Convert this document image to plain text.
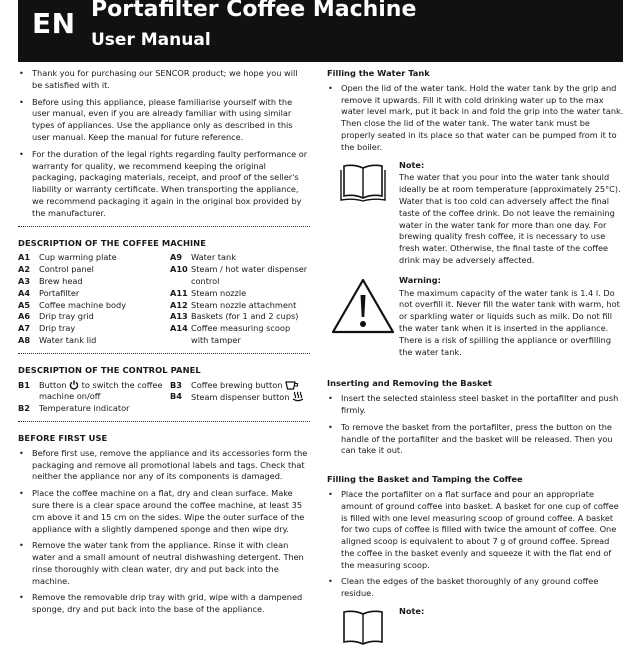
EN Portafilter Coffee Machine
User Manual
• Thank you for purchasing our SENCOR product; we hope you will be satisfied with it.
• Before using this appliance, please familiarise yourself with the user manual, even if you are already familiar with using similar types of appliances. Use the appliance only as described in this user manual. Keep the manual for future reference.
• For the duration of the legal rights regarding faulty performance or warranty for quality, we recommend keeping the original packaging, packaging materials, receipt, and proof of the seller's liability or warranty certificate. When transporting the appliance, we recommend packaging it again in the original box provided by the manufacturer.
DESCRIPTION OF THE COFFEE MACHINE
A1	Cup warming plate
A2	Control panel
A3	Brew head
A4	Portafilter
A5	Coffee machine body
A6	Drip tray grid
A7	Drip tray
A8	Water tank lid
A9	Water tank
A10 Steam / hot water dispenser control
A11 Steam nozzle
A12 Steam nozzle attachment
A13 Baskets (for 1 and 2 cups)
A14 Coffee measuring scoop with tamper
DESCRIPTION OF THE CONTROL PANEL
B1	Button to switch the coffee machine on/off
B2	Temperature indicator
B3	Coffee brewing button
B4	Steam dispenser button
BEFORE FIRST USE
• Before first use, remove the appliance and its accessories form the packaging and remove all promotional labels and tags. Check that neither the appliance nor any of its components is damaged.
• Place the coffee machine on a flat, dry and clean surface. Make sure there is a clear space around the coffee machine, at least 35 cm above it and 15 cm on the sides. Wipe the outer surface of the appliance with a slightly dampened sponge and then wipe dry.
• Remove the water tank from the appliance. Rinse it with clean water and a small amount of neutral dishwashing detergent. Then rinse thoroughly with clean water, dry and put back into the machine.
• Remove the removable drip tray with grid, wipe with a dampened sponge, dry and put back into the base of the appliance.
Filling the Water Tank
• Open the lid of the water tank. Hold the water tank by the grip and remove it upwards. Fill it with cold drinking water up to the max water level mark, put it back in and fold the grip into the water tank. Then close the lid of the water tank. The water tank must be properly seated in its place so that water can be pumped from it to the boiler.
Note:
The water that you pour into the water tank should ideally be at room temperature (approximately 25°C). Water that is too cold can adversely affect the final taste of the coffee drink. Do not leave the remaining water in the water tank for more than one day. For brewing quality fresh coffee, it is necessary to use fresh water. Otherwise, the final taste of the coffee drink may be adversely affected.
Warning:
The maximum capacity of the water tank is 1.4 l. Do not overfill it. Never fill the water tank with warm, hot or sparkling water or liquids such as milk. Do not fill the water tank when it is inserted in the appliance. There is a risk of spilling the appliance or overfilling the water tank.
Inserting and Removing the Basket
• Insert the selected stainless steel basket in the portafilter and push firmly.
• To remove the basket from the portafilter, press the button on the handle of the portafilter and the basket will be released. Then you can take it out.
Filling the Basket and Tamping the Coffee
• Place the portafilter on a flat surface and pour an appropriate amount of ground coffee into basket. A basket for one cup of coffee is filled with one level measuring scoop of ground coffee. A basket for two cups of coffee is filled with twice the amount of coffee. One aligned scoop is equivalent to about 7 g of ground coffee. Spread the coffee in the basket evenly and squeeze it with the flat end of the measuring scoop.
• Clean the edges of the basket thoroughly of any ground coffee residue.
Note:
